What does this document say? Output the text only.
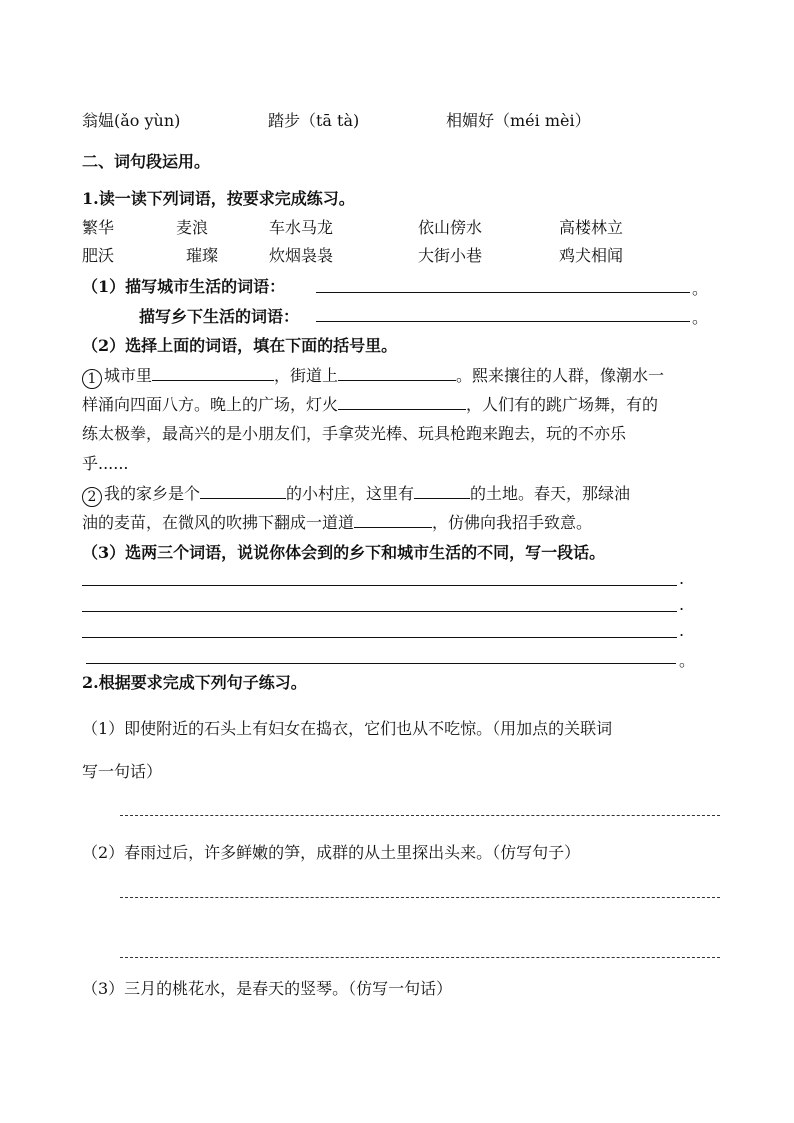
翁媪(ǎo yùn)	踏步（tā tà)	相媚好（méi mèi）
二、词句段运用。
1.读一读下列词语，按要求完成练习。
繁华	麦浪	车水马龙	依山傍水	高楼林立
肥沃	璀璨	炊烟袅袅	大街小巷	鸡犬相闻
（1）描写城市生活的词语：	。
描写乡下生活的词语：	。
（2）选择上面的词语，填在下面的括号里。
1 城市里	，街道上	。熙来攘往的人群，像潮水一
样涌向四面八方。晚上的广场，灯火	，人们有的跳广场舞，有的
练太极拳，最高兴的是小朋友们，手拿荧光棒、玩具枪跑来跑去，玩的不亦乐
乎......
2 我的家乡是个	的小村庄，这里有	的土地。春天，那绿油
油的麦苗，在微风的吹拂下翻成一道道	，仿佛向我招手致意。
（3）选两三个词语，说说你体会到的乡下和城市生活的不同，写一段话。
.
.
.
。
2.根据要求完成下列句子练习。
（1）即使附近的石头上有妇女在捣衣，它们也从不吃惊。（用加点的关联词
写一句话）
（2）春雨过后，许多鲜嫩的笋，成群的从土里探出头来。（仿写句子）
（3）三月的桃花水，是春天的竖琴。（仿写一句话）
